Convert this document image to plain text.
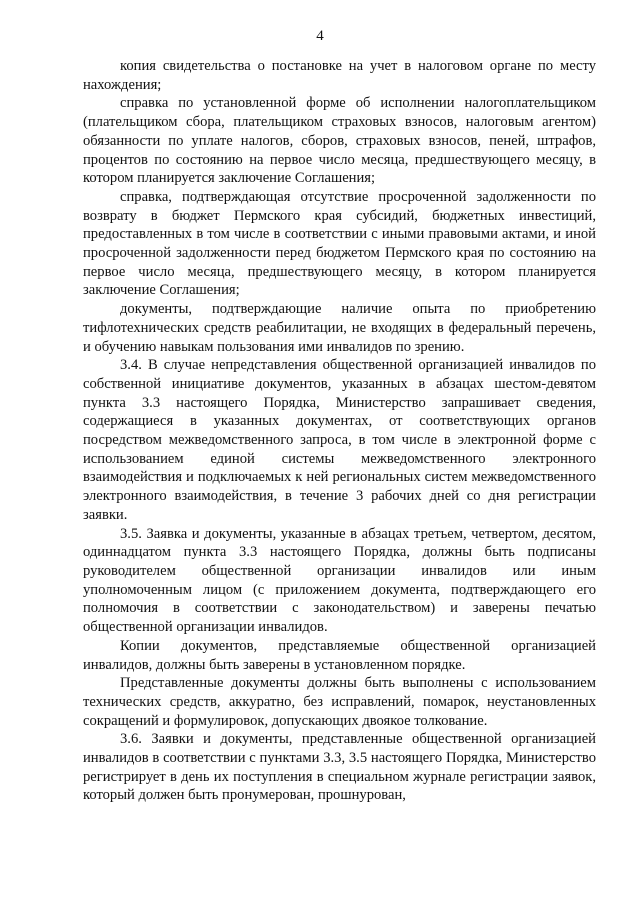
4

копия свидетельства о постановке на учет в налоговом органе по месту нахождения;

справка по установленной форме об исполнении налогоплательщиком (плательщиком сбора, плательщиком страховых взносов, налоговым агентом) обязанности по уплате налогов, сборов, страховых взносов, пеней, штрафов, процентов по состоянию на первое число месяца, предшествующего месяцу, в котором планируется заключение Соглашения;

справка, подтверждающая отсутствие просроченной задолженности по возврату в бюджет Пермского края субсидий, бюджетных инвестиций, предоставленных в том числе в соответствии с иными правовыми актами, и иной просроченной задолженности перед бюджетом Пермского края по состоянию на первое число месяца, предшествующего месяцу, в котором планируется заключение Соглашения;

документы, подтверждающие наличие опыта по приобретению тифлотехнических средств реабилитации, не входящих в федеральный перечень, и обучению навыкам пользования ими инвалидов по зрению.

3.4. В случае непредставления общественной организацией инвалидов по собственной инициативе документов, указанных в абзацах шестом-девятом пункта 3.3 настоящего Порядка, Министерство запрашивает сведения, содержащиеся в указанных документах, от соответствующих органов посредством межведомственного запроса, в том числе в электронной форме с использованием единой системы межведомственного электронного взаимодействия и подключаемых к ней региональных систем межведомственного электронного взаимодействия, в течение 3 рабочих дней со дня регистрации заявки.

3.5. Заявка и документы, указанные в абзацах третьем, четвертом, десятом, одиннадцатом пункта 3.3 настоящего Порядка, должны быть подписаны руководителем общественной организации инвалидов или иным уполномоченным лицом (с приложением документа, подтверждающего его полномочия в соответствии с законодательством) и заверены печатью общественной организации инвалидов.

Копии документов, представляемые общественной организацией инвалидов, должны быть заверены в установленном порядке.

Представленные документы должны быть выполнены с использованием технических средств, аккуратно, без исправлений, помарок, неустановленных сокращений и формулировок, допускающих двоякое толкование.

3.6. Заявки и документы, представленные общественной организацией инвалидов в соответствии с пунктами 3.3, 3.5 настоящего Порядка, Министерство регистрирует в день их поступления в специальном журнале регистрации заявок, который должен быть пронумерован, прошнурован,
